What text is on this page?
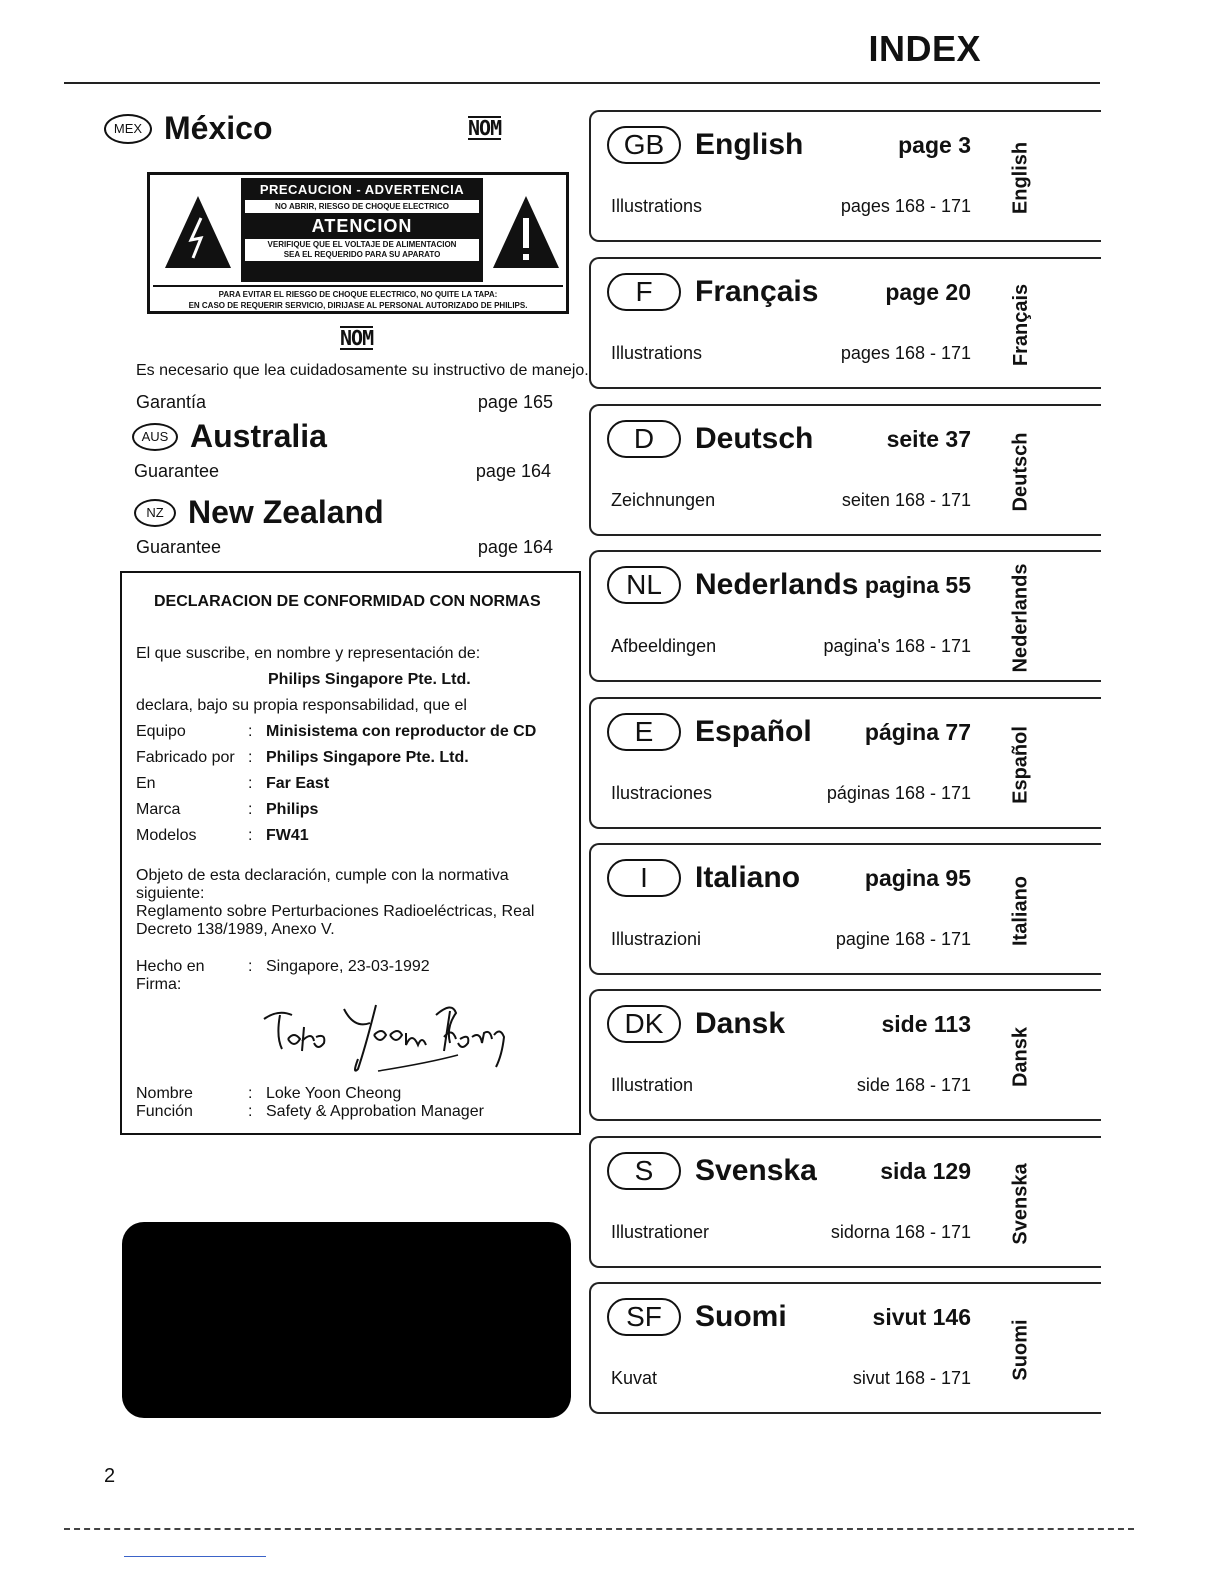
INDEX
MEX México	NOM
PRECAUCION - ADVERTENCIA
NO ABRIR, RIESGO DE CHOQUE ELECTRICO
ATENCION
VERIFIQUE QUE EL VOLTAJE DE ALIMENTACION
SEA EL REQUERIDO PARA SU APARATO
PARA EVITAR EL RIESGO DE CHOQUE ELECTRICO, NO QUITE LA TAPA:
EN CASO DE REQUERIR SERVICIO, DIRIJASE AL PERSONAL AUTORIZADO DE PHILIPS.
NOM
Es necesario que lea cuidadosamente su instructivo de manejo.
Garantía	page 165
AUS Australia
Guarantee	page 164
NZ New Zealand
Guarantee	page 164
DECLARACION DE CONFORMIDAD CON NORMAS
El que suscribe, en nombre y representación de:
Philips Singapore Pte. Ltd.
declara, bajo su propia responsabilidad, que el
Equipo	: Minisistema con reproductor de CD
Fabricado por : Philips Singapore Pte. Ltd.
En	: Far East
Marca	: Philips
Modelos	: FW41
Objeto de esta declaración, cumple con la normativa
siguiente:
Reglamento sobre Perturbaciones Radioeléctricas, Real
Decreto 138/1989, Anexo V.
Hecho en	: Singapore, 23-03-1992
Firma:
Nombre	: Loke Yoon Cheong
Función	: Safety & Approbation Manager
GB	English	page 3
Illustrations	pages 168 - 171 English
F	Français	page 20
Illustrations	pages 168 - 171 Français
D	Deutsch	seite 37
Zeichnungen	seiten 168 - 171 Deutsch
NL	Nederlands pagina 55
Afbeeldingen	pagina's 168 - 171 Nederlands
E	Español página 77
Ilustraciones	páginas 168 - 171 Español
I	Italiano	pagina 95
Illustrazioni	pagine 168 - 171 Italiano
DK	Dansk	side 113
Illustration	side 168 - 171 Dansk
S	Svenska	sida 129
Illustrationer	sidorna 168 - 171 Svenska
SF	Suomi	sivut 146
Kuvat	sivut 168 - 171 Suomi
2
